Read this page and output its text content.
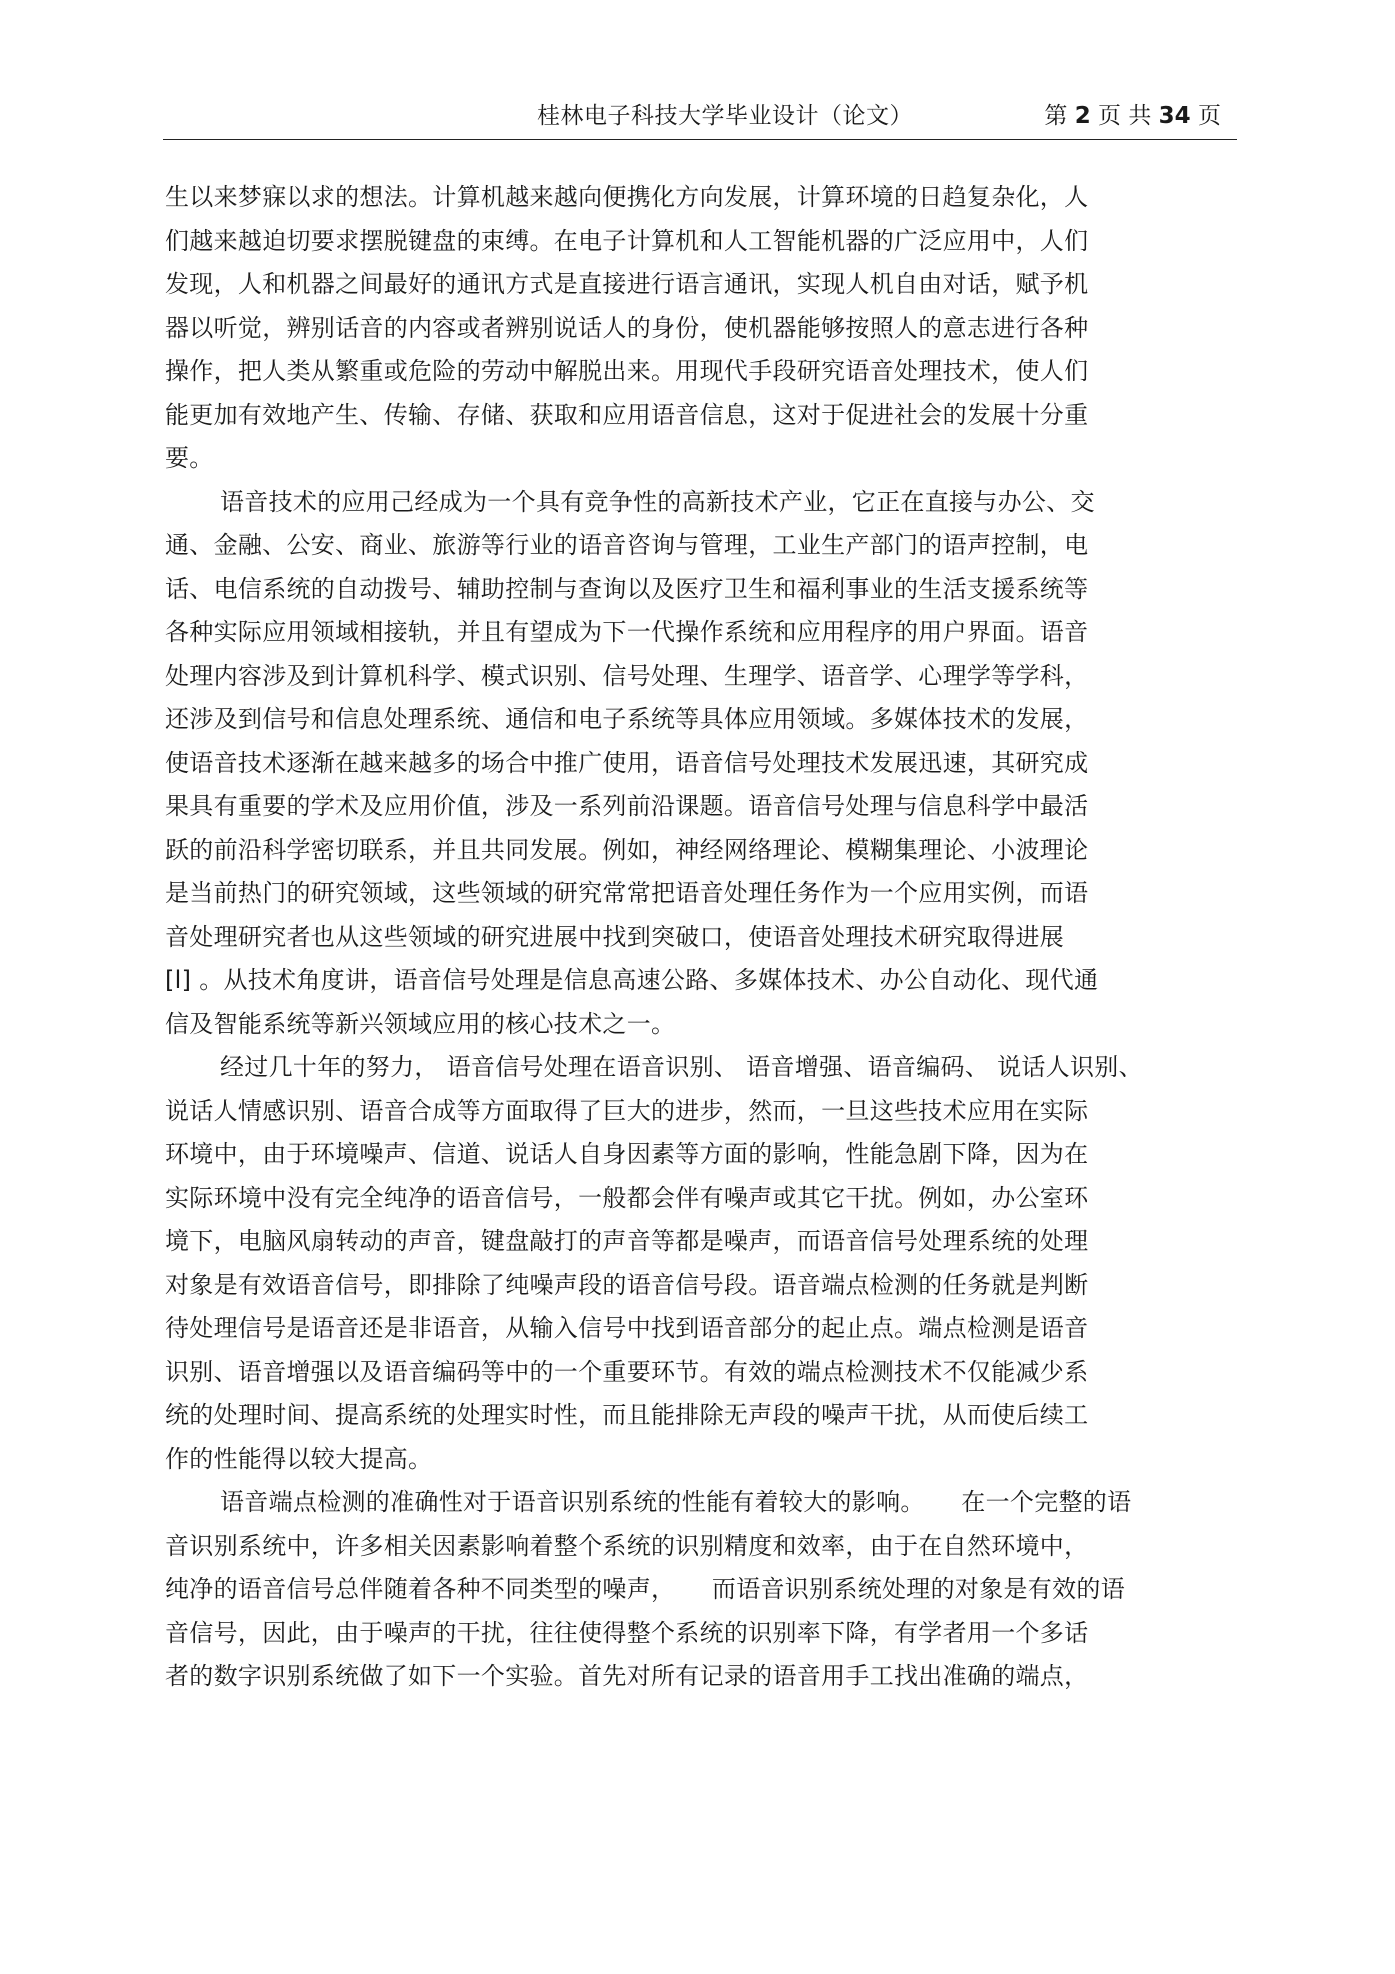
桂林电子科技大学毕业设计（论文）	第 2 页 共 34 页
生以来梦寐以求的想法。计算机越来越向便携化方向发展，计算环境的日趋复杂化，人
们越来越迫切要求摆脱键盘的束缚。在电子计算机和人工智能机器的广泛应用中，人们
发现，人和机器之间最好的通讯方式是直接进行语言通讯，实现人机自由对话，赋予机
器以听觉，辨别话音的内容或者辨别说话人的身份，使机器能够按照人的意志进行各种
操作，把人类从繁重或危险的劳动中解脱出来。用现代手段研究语音处理技术，使人们
能更加有效地产生、传输、存储、获取和应用语音信息，这对于促进社会的发展十分重
要。
语音技术的应用己经成为一个具有竞争性的高新技术产业，它正在直接与办公、交
通、金融、公安、商业、旅游等行业的语音咨询与管理，工业生产部门的语声控制，电
话、电信系统的自动拨号、辅助控制与查询以及医疗卫生和福利事业的生活支援系统等
各种实际应用领域相接轨，并且有望成为下一代操作系统和应用程序的用户界面。语音
处理内容涉及到计算机科学、模式识别、信号处理、生理学、语音学、心理学等学科，
还涉及到信号和信息处理系统、通信和电子系统等具体应用领域。多媒体技术的发展，
使语音技术逐渐在越来越多的场合中推广使用，语音信号处理技术发展迅速，其研究成
果具有重要的学术及应用价值，涉及一系列前沿课题。语音信号处理与信息科学中最活
跃的前沿科学密切联系，并且共同发展。例如，神经网络理论、模糊集理论、小波理论
是当前热门的研究领域，这些领域的研究常常把语音处理任务作为一个应用实例，而语
音处理研究者也从这些领域的研究进展中找到突破口，使语音处理技术研究取得进展
[l] 。从技术角度讲，语音信号处理是信息高速公路、多媒体技术、办公自动化、现代通
信及智能系统等新兴领域应用的核心技术之一。
经过几十年的努力， 语音信号处理在语音识别、 语音增强、语音编码、 说话人识别、
说话人情感识别、语音合成等方面取得了巨大的进步，然而，一旦这些技术应用在实际
环境中，由于环境噪声、信道、说话人自身因素等方面的影响，性能急剧下降，因为在
实际环境中没有完全纯净的语音信号，一般都会伴有噪声或其它干扰。例如，办公室环
境下，电脑风扇转动的声音，键盘敲打的声音等都是噪声，而语音信号处理系统的处理
对象是有效语音信号，即排除了纯噪声段的语音信号段。语音端点检测的任务就是判断
待处理信号是语音还是非语音，从输入信号中找到语音部分的起止点。端点检测是语音
识别、语音增强以及语音编码等中的一个重要环节。有效的端点检测技术不仅能减少系
统的处理时间、提高系统的处理实时性，而且能排除无声段的噪声干扰，从而使后续工
作的性能得以较大提高。
语音端点检测的准确性对于语音识别系统的性能有着较大的影响。　　在一个完整的语
音识别系统中，许多相关因素影响着整个系统的识别精度和效率，由于在自然环境中，
纯净的语音信号总伴随着各种不同类型的噪声，　　而语音识别系统处理的对象是有效的语
音信号，因此，由于噪声的干扰，往往使得整个系统的识别率下降，有学者用一个多话
者的数字识别系统做了如下一个实验。首先对所有记录的语音用手工找出准确的端点，
